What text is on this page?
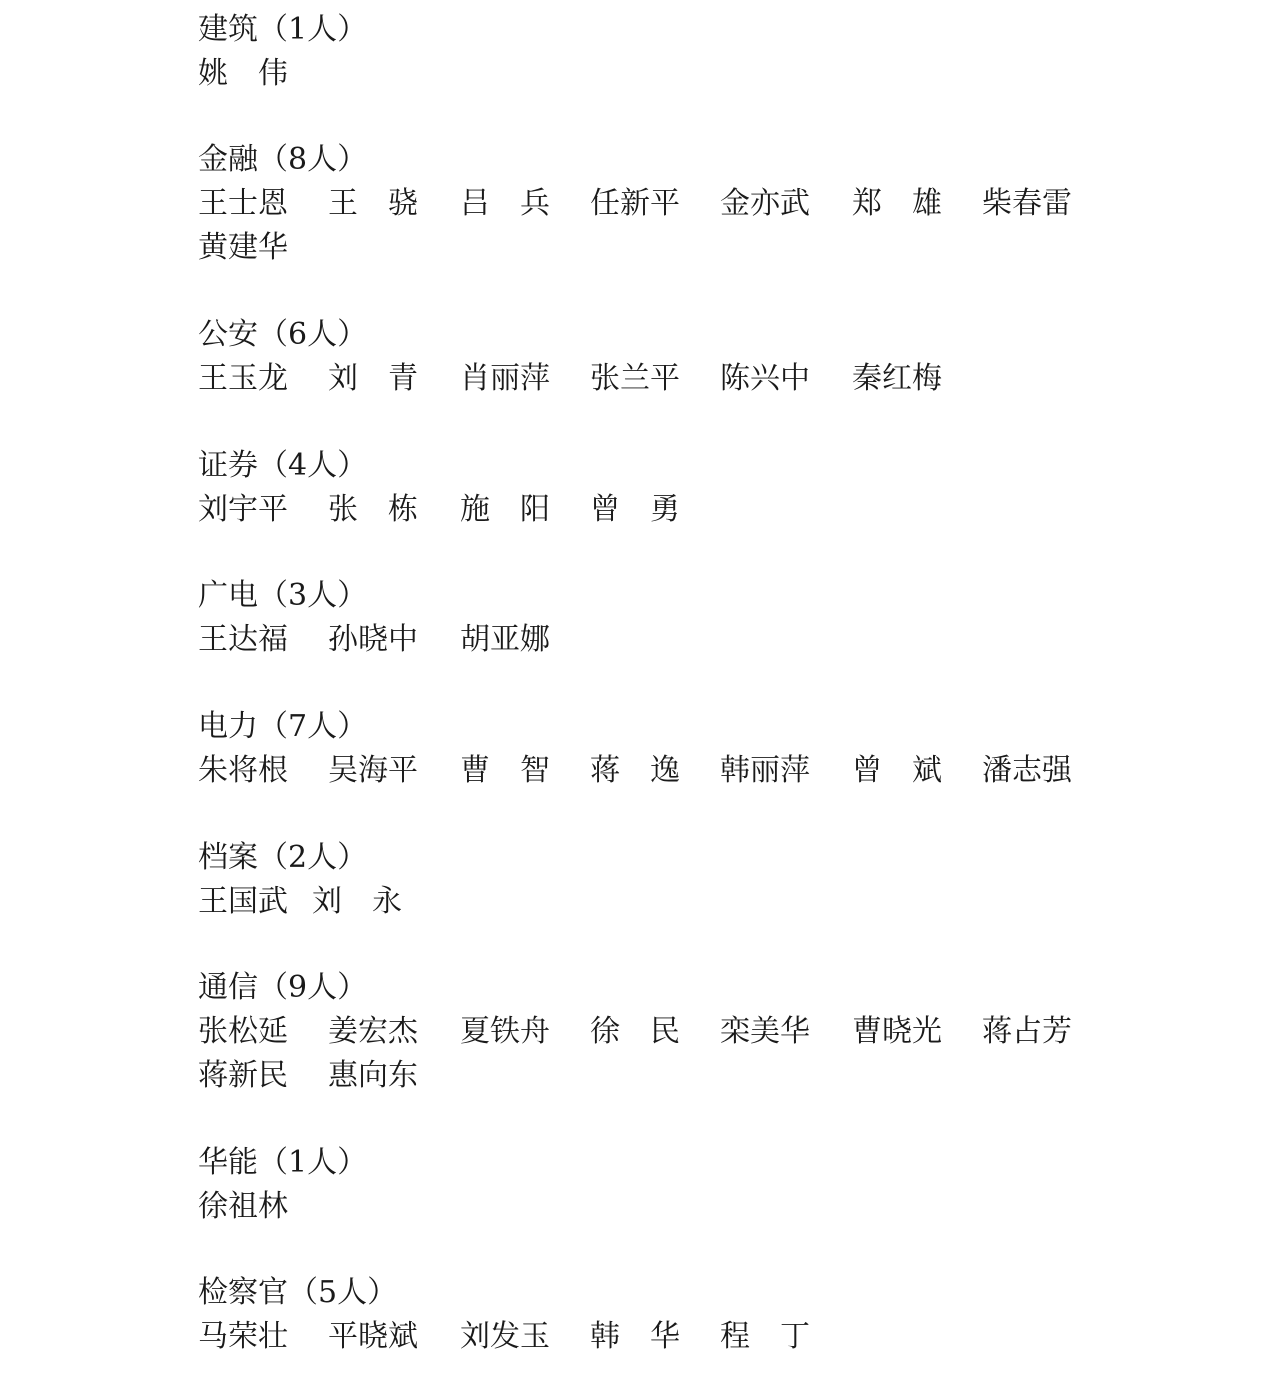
建筑（1人）
姚　伟
金融（8人）
王士恩 王　骁 吕　兵 任新平 金亦武 郑　雄 柴春雷
黄建华
公安（6人）
王玉龙 刘　青 肖丽萍 张兰平 陈兴中 秦红梅
证券（4人）
刘宇平 张　栋 施　阳 曾　勇
广电（3人）
王达福 孙晓中 胡亚娜
电力（7人）
朱将根 吴海平 曹　智 蒋　逸 韩丽萍 曾　斌 潘志强
档案（2人）
王国武 刘　永
通信（9人）
张松延 姜宏杰 夏铁舟 徐　民 栾美华 曹晓光 蒋占芳
蒋新民 惠向东
华能（1人）
徐祖林
检察官（5人）
马荣壮 平晓斌 刘发玉 韩　华 程　丁
